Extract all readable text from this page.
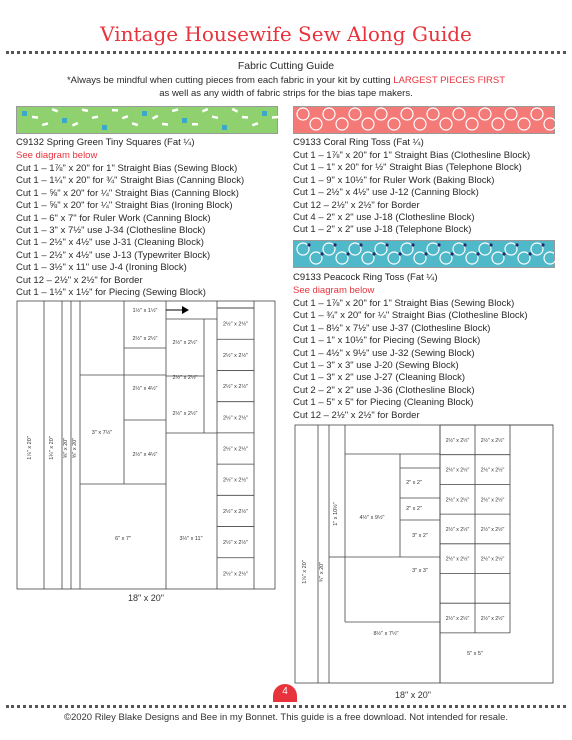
Vintage Housewife Sew Along Guide
Fabric Cutting Guide
*Always be mindful when cutting pieces from each fabric in your kit by cutting LARGEST PIECES FIRST
as well as any width of fabric strips for the bias tape makers.
C9132 Spring Green Tiny Squares (Fat ¼)
See diagram below
Cut 1 – 1⅞" x 20" for 1" Straight Bias (Sewing Block)
Cut 1 – 1¼" x 20" for ¾" Straight Bias (Canning Block)
Cut 1 – ⅝" x 20" for ¼" Straight Bias (Canning Block)
Cut 1 – ⅝" x 20" for ¼" Straight Bias (Ironing Block)
Cut 1 – 6" x 7" for Ruler Work (Canning Block)
Cut 1 – 3" x 7½" use J-34 (Clothesline Block)
Cut 1 – 2½" x 4½" use J-31 (Cleaning Block)
Cut 1 – 2½" x 4½" use J-13 (Typewriter Block)
Cut 1 – 3½" x 11" use J-4 (Ironing Block)
Cut 12 – 2½" x 2½" for Border
Cut 1 – 1½" x 1½" for Piecing (Sewing Block)
C9133 Coral Ring Toss (Fat ¼)
Cut 1 – 1⅞" x 20" for 1" Straight Bias (Clothesline Block)
Cut 1 – 1" x 20" for ½" Straight Bias (Telephone Block)
Cut 1 – 9" x 10½" for Ruler Work (Baking Block)
Cut 1 – 2½" x 4½" use J-12 (Canning Block)
Cut 12 – 2½" x 2½" for Border
Cut 4 – 2" x 2" use J-18 (Clothesline Block)
Cut 1 – 2" x 2" use J-18 (Telephone Block)
C9133 Peacock Ring Toss (Fat ¼)
See diagram below
Cut 1 – 1⅞" x 20" for 1" Straight Bias (Sewing Block)
Cut 1 – ¾" x 20" for ¼" Straight Bias (Clothesline Block)
Cut 1 – 8½" x 7½" use J-37 (Clothesline Block)
Cut 1 – 1" x 10½" for Piecing (Sewing Block)
Cut 1 – 4½" x 9½" use J-32 (Sewing Block)
Cut 1 – 3" x 3" use J-20 (Sewing Block)
Cut 1 – 3" x 2" use J-27 (Cleaning Block)
Cut 2 – 2" x 2" use J-36 (Clothesline Block)
Cut 1 – 5" x 5" for Piecing (Cleaning Block)
Cut 12 – 2½" x 2½" for Border
1⅞" x 20"	1¼" x 20" ⅝" x 20" ⅝" x 20"
1½" x 1½"
2½" x 2½"
2½" x 4½"
3" x 7½"
2½" x 4½"
6" x 7"
2½" x 2½"
2½" x 2½"
2½" x 2½"
3½" x 11"
2½" x 2½"
2½" x 2½"
2½" x 2½"
2½" x 2½"
2½" x 2½"
2½" x 2½"
2½" x 2½"
2½" x 2½"
2½" x 2½"
18" x 20"
1⅞" x 20" ¾" x 20"
1" x 10½"	4½" x 9½"
2" x 2"
2" x 2"
3" x 2"
3" x 3"
8½" x 7½"
5" x 5"
2½" x 2½" 2½" x 2½"
2½" x 2½" 2½" x 2½"
2½" x 2½" 2½" x 2½"
2½" x 2½" 2½" x 2½"
2½" x 2½" 2½" x 2½"
2½" x 2½" 2½" x 2½"
18" x 20"
4
©2020 Riley Blake Designs and Bee in my Bonnet. This guide is a free download. Not intended for resale.
